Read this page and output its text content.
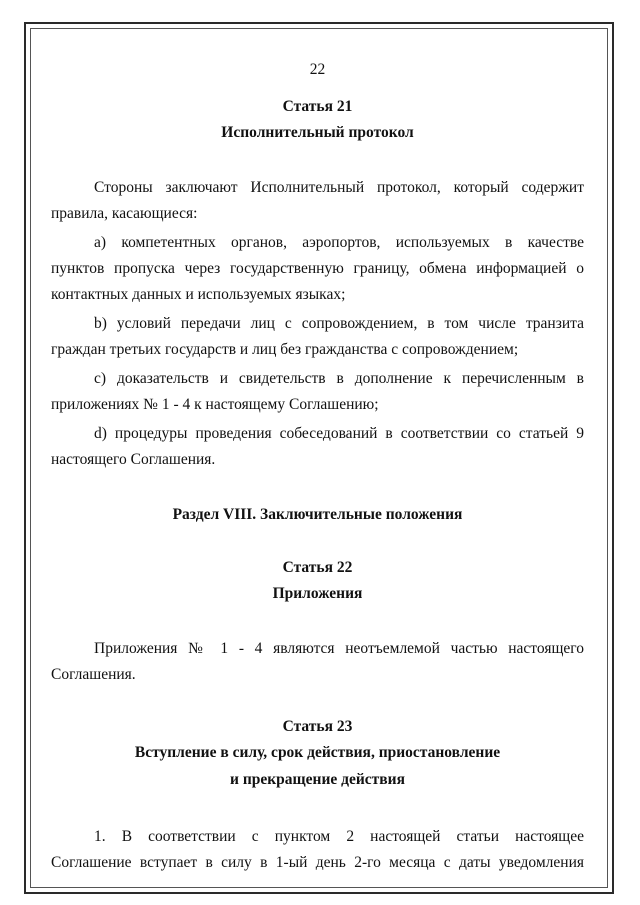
22

Статья 21

Исполнительный протокол

Стороны заключают Исполнительный протокол, который содержит

правила, касающиеся:

а) компетентных органов, аэропортов, используемых в качестве

пунктов пропуска через государственную границу, обмена информацией о

контактных данных и используемых языках;

b) условий передачи лиц с сопровождением, в том числе транзита

граждан третьих государств и лиц без гражданства с сопровождением;

с) доказательств и свидетельств в дополнение к перечисленным в

приложениях № 1 - 4 к настоящему Соглашению;

d) процедуры проведения собеседований в соответствии со статьей 9

настоящего Соглашения.

Раздел VIII. Заключительные положения

Статья 22

Приложения

Приложения № 1 - 4 являются неотъемлемой частью настоящего

Соглашения.

Статья 23

Вступление в силу, срок действия, приостановление

и прекращение действия

1. В соответствии с пунктом 2 настоящей статьи настоящее

Соглашение вступает в силу в 1-ый день 2-го месяца с даты уведомления
